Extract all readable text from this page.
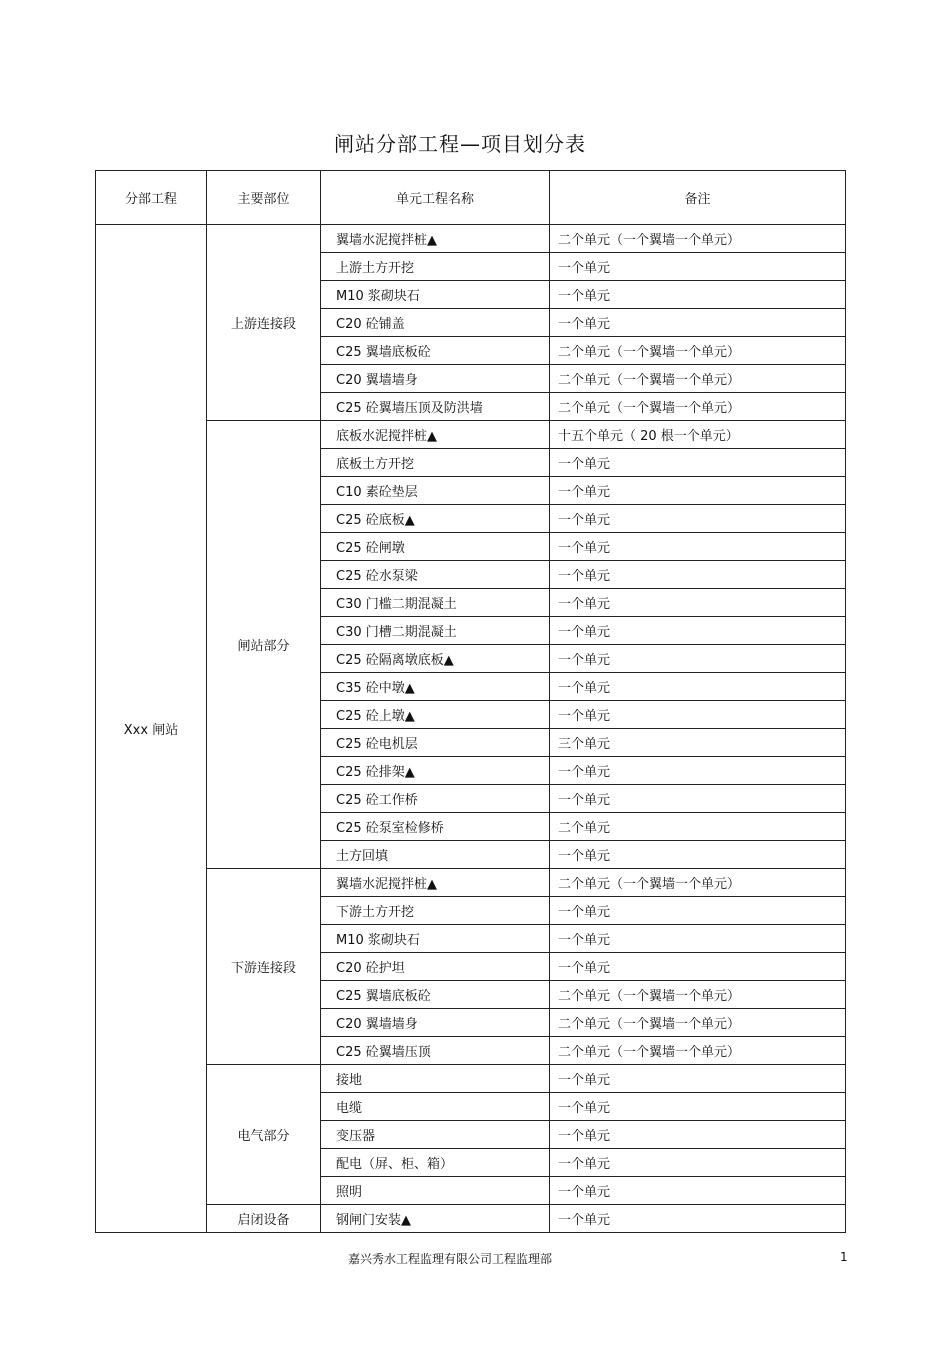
闸站分部工程—项目划分表
分部工程	主要部位	单元工程名称	备注
Xxx 闸站	上游连接段	翼墙水泥搅拌桩▲	二个单元（一个翼墙一个单元）
		上游土方开挖	一个单元
		M10 浆砌块石	一个单元
		C20 砼铺盖	一个单元
		C25 翼墙底板砼	二个单元（一个翼墙一个单元）
		C20 翼墙墙身	二个单元（一个翼墙一个单元）
		C25 砼翼墙压顶及防洪墙	二个单元（一个翼墙一个单元）
	闸站部分	底板水泥搅拌桩▲	十五个单元（ 20 根一个单元）
		底板土方开挖	一个单元
		C10 素砼垫层	一个单元
		C25 砼底板▲	一个单元
		C25 砼闸墩	一个单元
		C25 砼水泵梁	一个单元
		C30 门槛二期混凝土	一个单元
		C30 门槽二期混凝土	一个单元
		C25 砼隔离墩底板▲	一个单元
		C35 砼中墩▲	一个单元
		C25 砼上墩▲	一个单元
		C25 砼电机层	三个单元
		C25 砼排架▲	一个单元
		C25 砼工作桥	一个单元
		C25 砼泵室检修桥	二个单元
		土方回填	一个单元
	下游连接段	翼墙水泥搅拌桩▲	二个单元（一个翼墙一个单元）
		下游土方开挖	一个单元
		M10 浆砌块石	一个单元
		C20 砼护坦	一个单元
		C25 翼墙底板砼	二个单元（一个翼墙一个单元）
		C20 翼墙墙身	二个单元（一个翼墙一个单元）
		C25 砼翼墙压顶	二个单元（一个翼墙一个单元）
	电气部分	接地	一个单元
		电缆	一个单元
		变压器	一个单元
		配电（屏、柜、箱）	一个单元
		照明	一个单元
	启闭设备	钢闸门安装▲	一个单元
嘉兴秀水工程监理有限公司工程监理部	1
